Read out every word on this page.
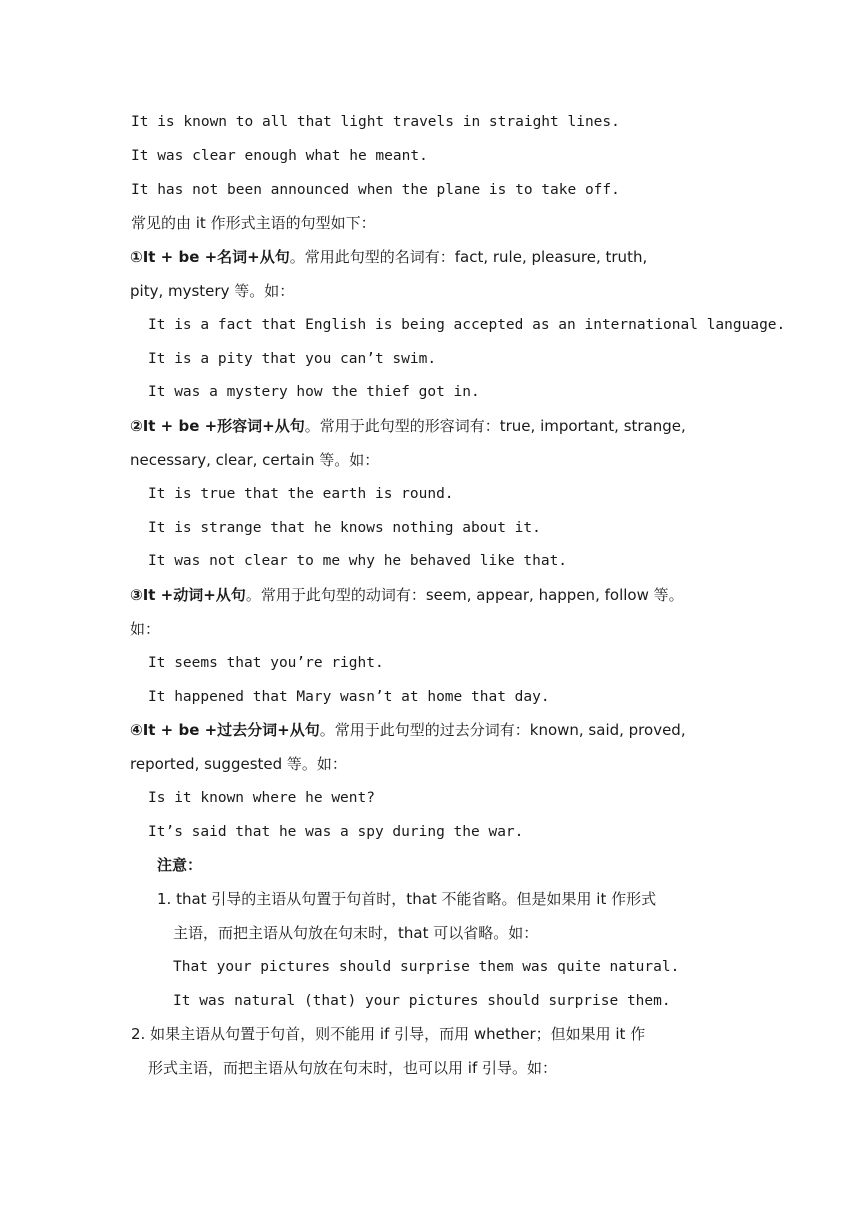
It is known to all that light travels in straight lines.
It was clear enough what he meant.
It has not been announced when the plane is to take off.
常见的由 it 作形式主语的句型如下：
①It + be +名词+从句。常用此句型的名词有：fact, rule, pleasure, truth,
pity, mystery 等。如：
It is a fact that English is being accepted as an international language.
It is a pity that you can’t swim.
It was a mystery how the thief got in.
②It + be +形容词+从句。常用于此句型的形容词有：true, important, strange,
necessary, clear, certain 等。如：
It is true that the earth is round.
It is strange that he knows nothing about it.
It was not clear to me why he behaved like that.
③It +动词+从句。常用于此句型的动词有：seem, appear, happen, follow 等。
如：
It seems that you’re right.
It happened that Mary wasn’t at home that day.
④It + be +过去分词+从句。常用于此句型的过去分词有：known, said, proved,
reported, suggested 等。如：
Is it known where he went?
It’s said that he was a spy during the war.
注意：
1. that 引导的主语从句置于句首时，that 不能省略。但是如果用 it 作形式
主语，而把主语从句放在句末时，that 可以省略。如：
That your pictures should surprise them was quite natural.
It was natural (that) your pictures should surprise them.
2. 如果主语从句置于句首，则不能用 if 引导，而用 whether；但如果用 it 作
形式主语，而把主语从句放在句末时，也可以用 if 引导。如：
